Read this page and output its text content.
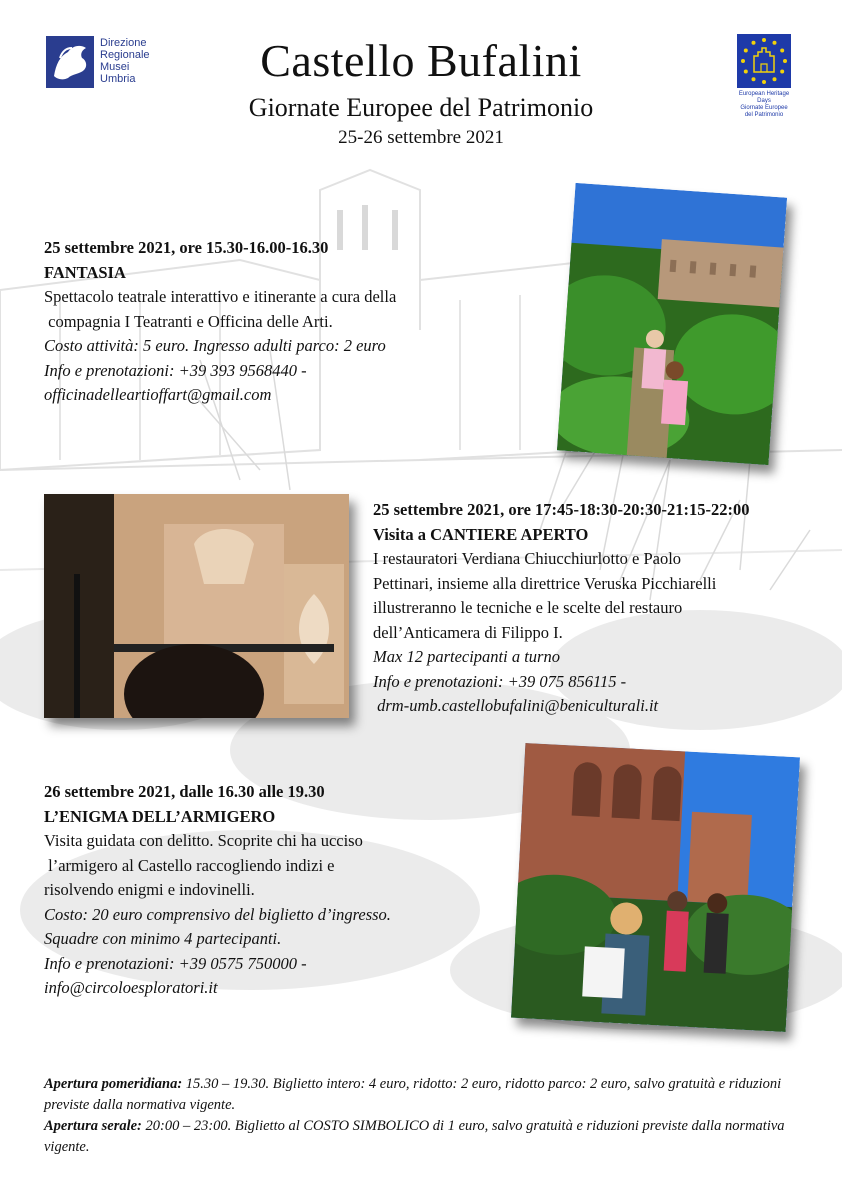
Direzione
Regionale
Musei
Umbria	Castello Bufalini
Giornate Europee del Patrimonio
25-26 settembre 2021
European Heritage Days
Giornate Europee
del Patrimonio
25 settembre 2021, ore 15.30-16.00-16.30
FANTASIA
Spettacolo teatrale interattivo e itinerante a cura della
compagnia I Teatranti e Officina delle Arti.
Costo attività: 5 euro. Ingresso adulti parco: 2 euro
Info e prenotazioni: +39 393 9568440 -
officinadelleartioffart@gmail.com
25 settembre 2021, ore 17:45-18:30-20:30-21:15-22:00
Visita a CANTIERE APERTO
I restauratori Verdiana Chiucchiurlotto e Paolo
Pettinari, insieme alla direttrice Veruska Picchiarelli
illustreranno le tecniche e le scelte del restauro
dell’Anticamera di Filippo I.
Max 12 partecipanti a turno
Info e prenotazioni: +39 075 856115 -
drm-umb.castellobufalini@beniculturali.it
26 settembre 2021, dalle 16.30 alle 19.30
L’ENIGMA DELL’ARMIGERO
Visita guidata con delitto. Scoprite chi ha ucciso
l’armigero al Castello raccogliendo indizi e
risolvendo enigmi e indovinelli.
Costo: 20 euro comprensivo del biglietto d’ingresso.
Squadre con minimo 4 partecipanti.
Info e prenotazioni: +39 0575 750000 -
info@circoloesploratori.it
Apertura pomeridiana: 15.30 – 19.30. Biglietto intero: 4 euro, ridotto: 2 euro, ridotto parco: 2 euro, salvo gratuità e riduzioni previste dalla normativa vigente.
Apertura serale: 20:00 – 23:00. Biglietto al COSTO SIMBOLICO di 1 euro, salvo gratuità e riduzioni previste dalla normativa vigente.
